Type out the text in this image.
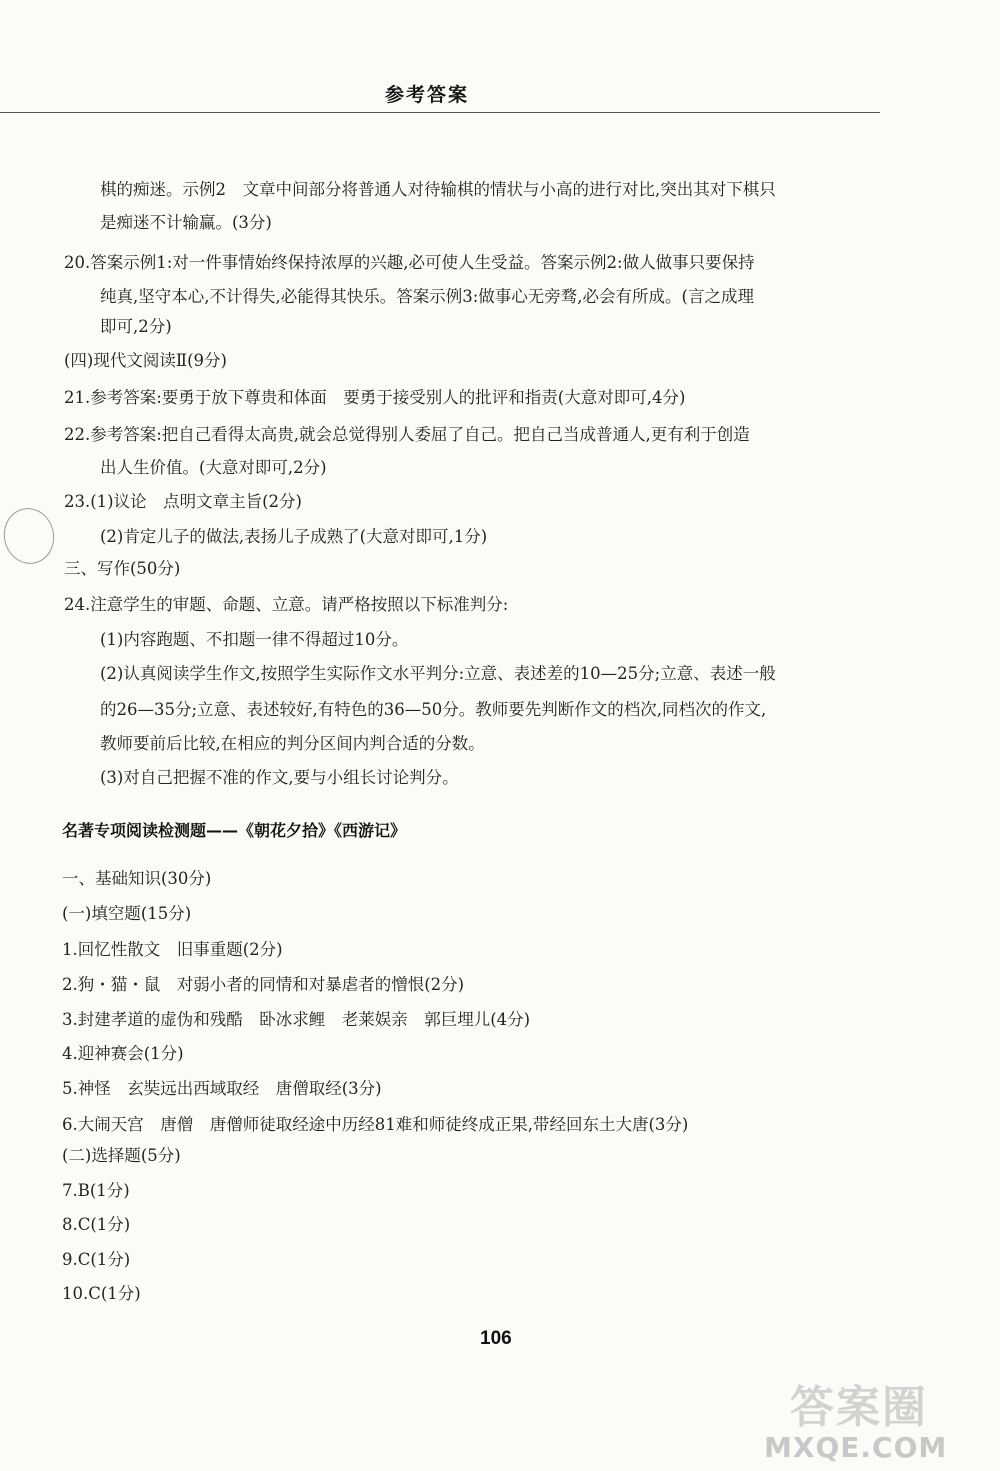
参考答案
棋的痴迷。示例2　文章中间部分将普通人对待输棋的情状与小高的进行对比,突出其对下棋只
是痴迷不计输赢。(3分)
20.答案示例1:对一件事情始终保持浓厚的兴趣,必可使人生受益。答案示例2:做人做事只要保持
纯真,坚守本心,不计得失,必能得其快乐。答案示例3:做事心无旁骛,必会有所成。(言之成理
即可,2分)
(四)现代文阅读Ⅱ(9分)
21.参考答案:要勇于放下尊贵和体面　要勇于接受别人的批评和指责(大意对即可,4分)
22.参考答案:把自己看得太高贵,就会总觉得别人委屈了自己。把自己当成普通人,更有利于创造
出人生价值。(大意对即可,2分)
23.(1)议论　点明文章主旨(2分)
(2)肯定儿子的做法,表扬儿子成熟了(大意对即可,1分)
三、写作(50分)
24.注意学生的审题、命题、立意。请严格按照以下标准判分:
(1)内容跑题、不扣题一律不得超过10分。
(2)认真阅读学生作文,按照学生实际作文水平判分:立意、表述差的10—25分;立意、表述一般
的26—35分;立意、表述较好,有特色的36—50分。教师要先判断作文的档次,同档次的作文,
教师要前后比较,在相应的判分区间内判合适的分数。
(3)对自己把握不准的作文,要与小组长讨论判分。
名著专项阅读检测题——《朝花夕拾》《西游记》
一、基础知识(30分)
(一)填空题(15分)
1.回忆性散文　旧事重题(2分)
2.狗・猫・鼠　对弱小者的同情和对暴虐者的憎恨(2分)
3.封建孝道的虚伪和残酷　卧冰求鲤　老莱娱亲　郭巨埋儿(4分)
4.迎神赛会(1分)
5.神怪　玄奘远出西域取经　唐僧取经(3分)
6.大闹天宫　唐僧　唐僧师徒取经途中历经81难和师徒终成正果,带经回东土大唐(3分)
(二)选择题(5分)
7.B(1分)
8.C(1分)
9.C(1分)
10.C(1分)
106
答案圈
MXQE.COM
